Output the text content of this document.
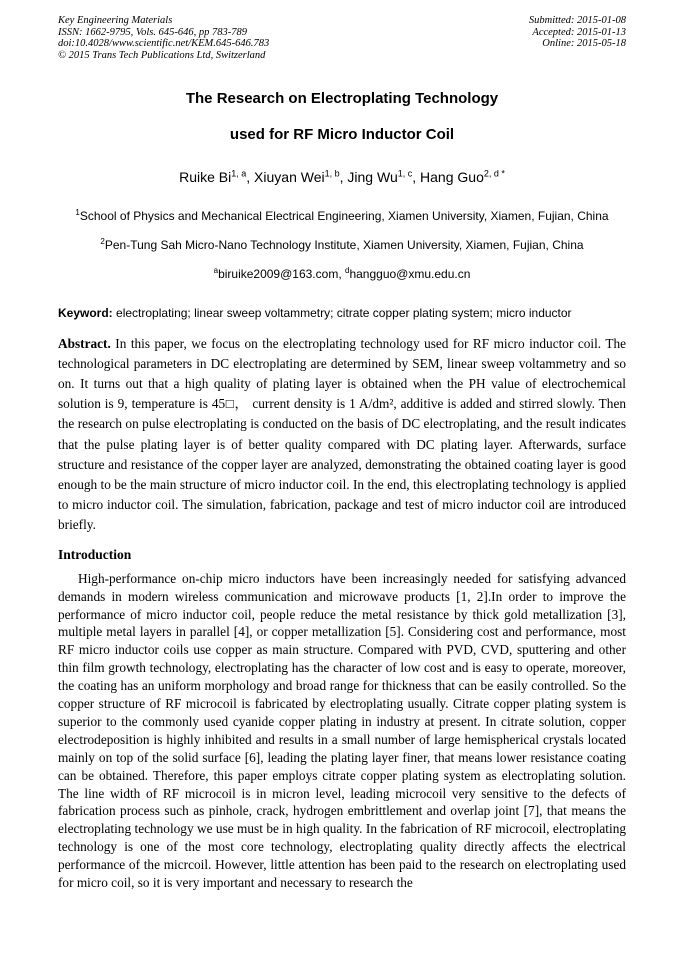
Key Engineering Materials
ISSN: 1662-9795, Vols. 645-646, pp 783-789
doi:10.4028/www.scientific.net/KEM.645-646.783
© 2015 Trans Tech Publications Ltd, Switzerland
Submitted: 2015-01-08
Accepted: 2015-01-13
Online: 2015-05-18
The Research on Electroplating Technology
used for RF Micro Inductor Coil
Ruike Bi$^{1, a}$, Xiuyan Wei$^{1, b}$, Jing Wu$^{1, c}$, Hang Guo$^{2, d *}$
$^1$School of Physics and Mechanical Electrical Engineering, Xiamen University, Xiamen, Fujian, China
$^2$Pen-Tung Sah Micro-Nano Technology Institute, Xiamen University, Xiamen, Fujian, China
$^a$biruike2009@163.com, $^d$hangguo@xmu.edu.cn

Keyword: electroplating; linear sweep voltammetry; citrate copper plating system; micro inductor

Abstract. In this paper, we focus on the electroplating technology used for RF micro inductor coil. The technological parameters in DC electroplating are determined by SEM, linear sweep voltammetry and so on. It turns out that a high quality of plating layer is obtained when the PH value of electrochemical solution is 9, temperature is 45□， current density is 1 A/dm², additive is added and stirred slowly. Then the research on pulse electroplating is conducted on the basis of DC electroplating, and the result indicates that the pulse plating layer is of better quality compared with DC plating layer. Afterwards, surface structure and resistance of the copper layer are analyzed, demonstrating the obtained coating layer is good enough to be the main structure of micro inductor coil. In the end, this electroplating technology is applied to micro inductor coil. The simulation, fabrication, package and test of micro inductor coil are introduced briefly.

Introduction

High-performance on-chip micro inductors have been increasingly needed for satisfying advanced demands in modern wireless communication and microwave products [1, 2].In order to improve the performance of micro inductor coil, people reduce the metal resistance by thick gold metallization [3], multiple metal layers in parallel [4], or copper metallization [5]. Considering cost and performance, most RF micro inductor coils use copper as main structure. Compared with PVD, CVD, sputtering and other thin film growth technology, electroplating has the character of low cost and is easy to operate, moreover, the coating has an uniform morphology and broad range for thickness that can be easily controlled. So the copper structure of RF microcoil is fabricated by electroplating usually. Citrate copper plating system is superior to the commonly used cyanide copper plating in industry at present. In citrate solution, copper electrodeposition is highly inhibited and results in a small number of large hemispherical crystals located mainly on top of the solid surface [6], leading the plating layer finer, that means lower resistance coating can be obtained. Therefore, this paper employs citrate copper plating system as electroplating solution. The line width of RF microcoil is in micron level, leading microcoil very sensitive to the defects of fabrication process such as pinhole, crack, hydrogen embrittlement and overlap joint [7], that means the electroplating technology we use must be in high quality. In the fabrication of RF microcoil, electroplating technology is one of the most core technology, electroplating quality directly affects the electrical performance of the micrcoil. However, little attention has been paid to the research on electroplating used for micro coil, so it is very important and necessary to research the
